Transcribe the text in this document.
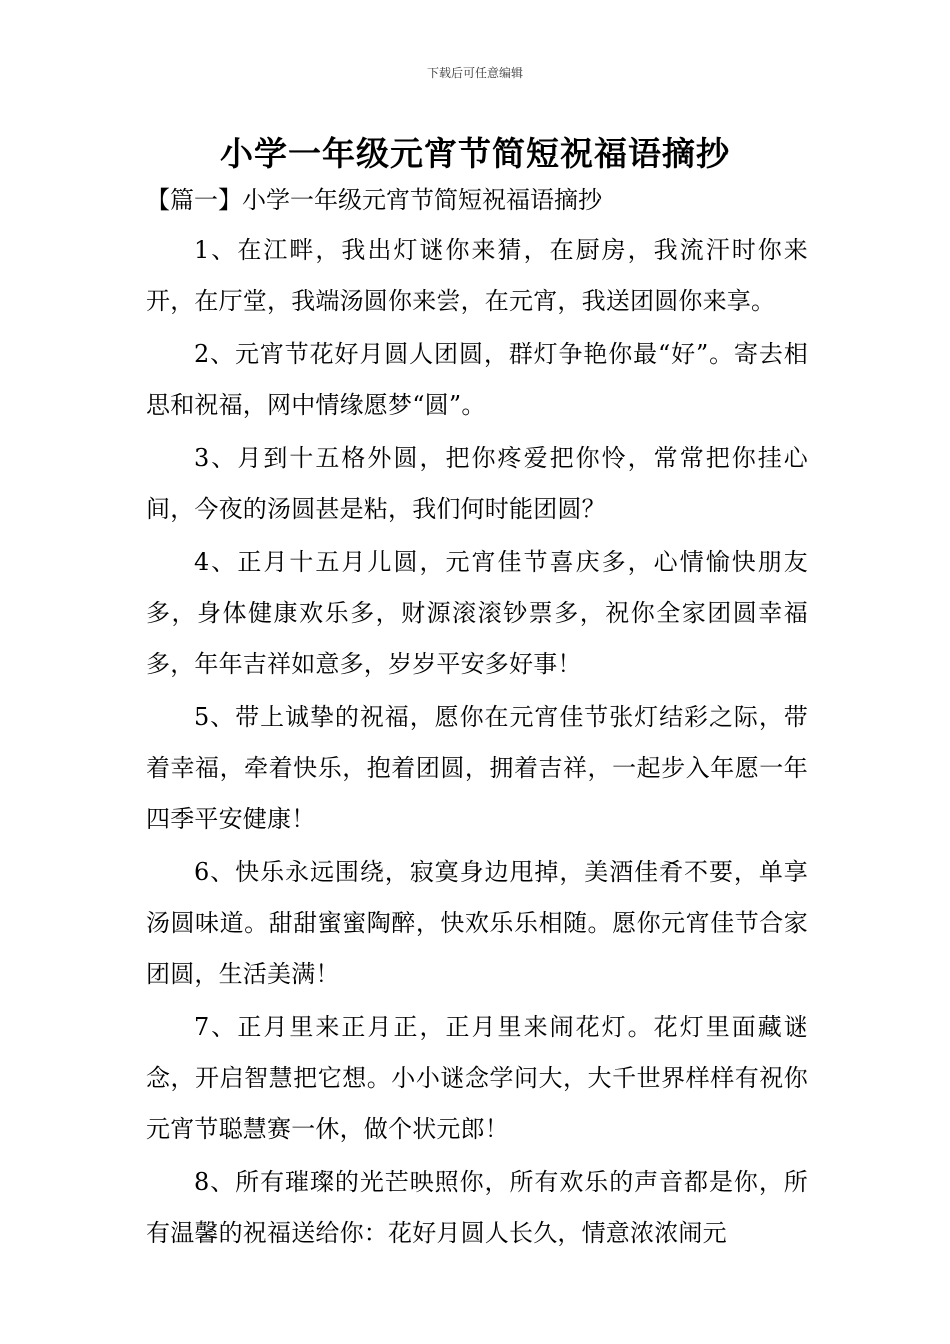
下载后可任意编辑
小学一年级元宵节简短祝福语摘抄

【篇一】小学一年级元宵节简短祝福语摘抄

1、在江畔，我出灯谜你来猜，在厨房，我流汗时你来开，在厅堂，我端汤圆你来尝，在元宵，我送团圆你来享。

2、元宵节花好月圆人团圆，群灯争艳你最“好”。寄去相思和祝福，网中情缘愿梦“圆”。

3、月到十五格外圆，把你疼爱把你怜，常常把你挂心间，今夜的汤圆甚是粘，我们何时能团圆？

4、正月十五月儿圆，元宵佳节喜庆多，心情愉快朋友多，身体健康欢乐多，财源滚滚钞票多，祝你全家团圆幸福多，年年吉祥如意多，岁岁平安多好事！

5、带上诚挚的祝福，愿你在元宵佳节张灯结彩之际，带着幸福，牵着快乐，抱着团圆，拥着吉祥，一起步入年愿一年四季平安健康！

6、快乐永远围绕，寂寞身边甩掉，美酒佳肴不要，单享汤圆味道。甜甜蜜蜜陶醉，快欢乐乐相随。愿你元宵佳节合家团圆，生活美满！

7、正月里来正月正，正月里来闹花灯。花灯里面藏谜念，开启智慧把它想。小小谜念学问大，大千世界样样有祝你元宵节聪慧赛一休，做个状元郎！

8、所有璀璨的光芒映照你，所有欢乐的声音都是你，所有温馨的祝福送给你：花好月圆人长久，情意浓浓闹元
